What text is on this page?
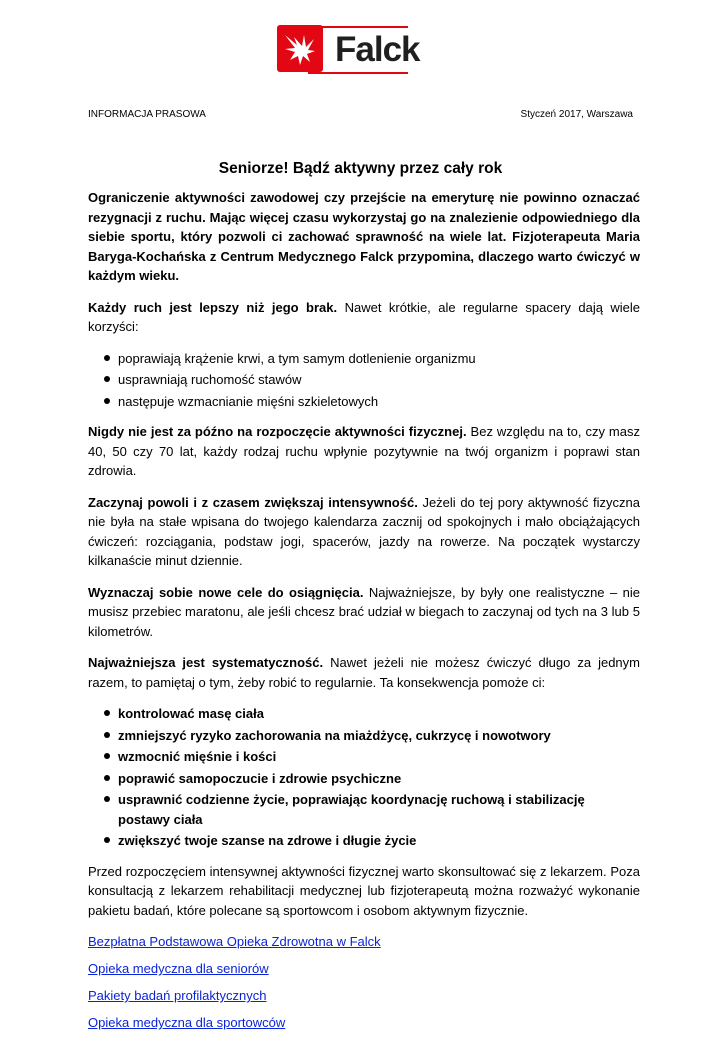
Falck
INFORMACJA PRASOWA	Styczeń 2017, Warszawa
Seniorze! Bądź aktywny przez cały rok

Ograniczenie aktywności zawodowej czy przejście na emeryturę nie powinno oznaczać rezygnacji z ruchu. Mając więcej czasu wykorzystaj go na znalezienie odpowiedniego dla siebie sportu, który pozwoli ci zachować sprawność na wiele lat. Fizjoterapeuta Maria Baryga-Kochańska z Centrum Medycznego Falck przypomina, dlaczego warto ćwiczyć w każdym wieku.

Każdy ruch jest lepszy niż jego brak. Nawet krótkie, ale regularne spacery dają wiele korzyści:

poprawiają krążenie krwi, a tym samym dotlenienie organizmu
usprawniają ruchomość stawów
następuje wzmacnianie mięśni szkieletowych

Nigdy nie jest za późno na rozpoczęcie aktywności fizycznej. Bez względu na to, czy masz 40, 50 czy 70 lat, każdy rodzaj ruchu wpłynie pozytywnie na twój organizm i poprawi stan zdrowia.

Zaczynaj powoli i z czasem zwiększaj intensywność. Jeżeli do tej pory aktywność fizyczna nie była na stałe wpisana do twojego kalendarza zacznij od spokojnych i mało obciążających ćwiczeń: rozciągania, podstaw jogi, spacerów, jazdy na rowerze. Na początek wystarczy kilkanaście minut dziennie.

Wyznaczaj sobie nowe cele do osiągnięcia. Najważniejsze, by były one realistyczne – nie musisz przebiec maratonu, ale jeśli chcesz brać udział w biegach to zaczynaj od tych na 3 lub 5 kilometrów.

Najważniejsza jest systematyczność. Nawet jeżeli nie możesz ćwiczyć długo za jednym razem, to pamiętaj o tym, żeby robić to regularnie. Ta konsekwencja pomoże ci:

kontrolować masę ciała
zmniejszyć ryzyko zachorowania na miażdżycę, cukrzycę i nowotwory
wzmocnić mięśnie i kości
poprawić samopoczucie i zdrowie psychiczne
usprawnić codzienne życie, poprawiając koordynację ruchową i stabilizację postawy ciała
zwiększyć twoje szanse na zdrowe i długie życie

Przed rozpoczęciem intensywnej aktywności fizycznej warto skonsultować się z lekarzem. Poza konsultacją z lekarzem rehabilitacji medycznej lub fizjoterapeutą można rozważyć wykonanie pakietu badań, które polecane są sportowcom i osobom aktywnym fizycznie.

Bezpłatna Podstawowa Opieka Zdrowotna w Falck
Opieka medyczna dla seniorów
Pakiety badań profilaktycznych
Opieka medyczna dla sportowców
